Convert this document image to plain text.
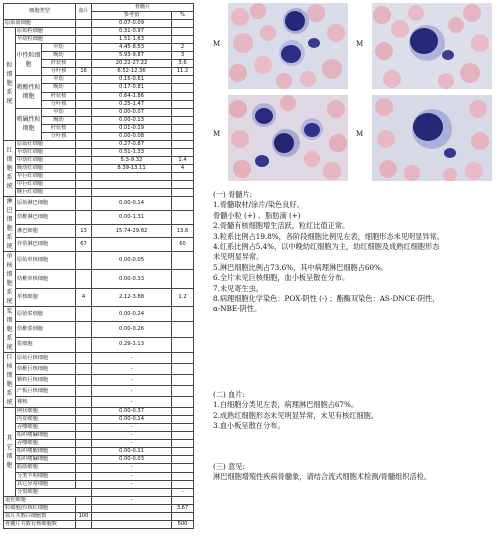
细胞类型			血片	骨髓片		
				参考值	%	
原始血细胞				0.07-0.09		
粒细胞系统	原始粒细胞			0.31-0.97		
	早幼粒细胞			1.51-1.63		
	中性粒细胞	中幼		4.45-8.53	2	
		晚幼		5.93-9.87	3	
		杆状核		20.22-27.22	3.6	
		分叶核	16	6.52-12.36	11.2	
	嗜酸性粒细胞	中幼		0.15-0.61		
		晚幼		0.17-0.81		
		杆状核		0.64-1.86		
		分叶核		0.25-1.47		
	嗜碱性粒细胞	中幼		0.00-0.07		
		晚幼		0.00-0.13		
		杆状核		0.01-0.19		
		分叶核		0.00-0.08		
红细胞系统	原始红细胞			0.27-0.87		
	早幼红细胞			0.51-1.33		
	中幼红细胞			5.3-9.32	1.4	
	晚幼红细胞			8.39-13.11	4	
	早巨红细胞					
	中巨红细胞					
	晚巨红细胞					
淋巴细胞系统	原始淋巴细胞			0.00-0.14		
	幼稚淋巴细胞			0.00-1.31		
	淋巴细胞		13	15.74-29.82	13.6	
	异常淋巴细胞		67		60	
单核细胞系统	原始单核细胞			0.00-0.05		
	幼稚单核细胞			0.00-0.33		
	单核细胞		4	2.12-3.88	1.2	
浆细胞系统	原始浆细胞			0.00-0.24		
	幼稚浆细胞			0.00-0.26		
	浆细胞			0.29-1.13		
巨核细胞系统	原始巨核细胞			-		
	幼稚巨核细胞			-		
	颗粒巨核细胞			-		
	产板巨核细胞			-		
	裸核			-		
其它细胞	网状细胞			0.00-0.37		
	内皮细胞			0.00-0.14		
	吞噬细胞			-		
	组织嗜碱细胞			-		
	吞噬细胞			-		
	组织嗜酸细胞			0.00-0.11		
	组织嗜碱细胞			0.00-0.03		
	脂肪细胞			-		
	分类不明细胞			-		
	其它异常细胞			-		
	分裂细胞				-	
退化细胞				-		
粒细胞/有核红细胞					3.67	
血片共数白细胞数			100			
骨髓片共数有核细胞数					500	
M	M
M	M

(一) 骨髓片:

1.骨髓取材/涂片/染色良好。

骨髓小粒 (+) 、脂肪滴 (+)

2.骨髓有核细胞增生活跃，粒红比值正常。

3.粒系比例占19.8%，各阶段细胞比例见左表，细胞形态未见明显异常。

4.红系比例占5.4%，以中晚幼红细胞为主，幼红细胞及成熟红细胞形态

未见明显异常。

5.淋巴细胞比例占73.6%，其中病理淋巴细胞占60%。

6.全片未见巨核细胞，血小板呈散在分布。

7.未见寄生虫。

8.病理细胞化学染色：POX-阴性 (-) ；酯酶双染色：AS-DNCE-阴性，

α-NBE-阴性。

(二) 血片:

1.白细胞分类见左表，病理淋巴细胞占67%。

2.成熟红细胞形态未见明显异常，未见有核红细胞。

3.血小板呈散在分布。

(三) 意见:

淋巴细胞增殖性疾病骨髓象，请结合流式细胞术检测/骨髓组织活检。
